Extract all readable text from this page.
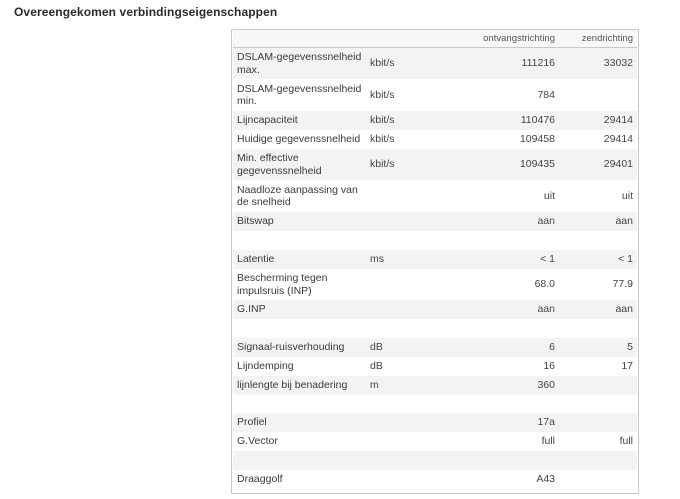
Overeengekomen verbindingseigenschappen
		ontvangstrichting	zendrichting
DSLAM-gegevenssnelheid max.	kbit/s	111216	33032
DSLAM-gegevenssnelheid min.	kbit/s	784	
Lijncapaciteit	kbit/s	110476	29414
Huidige gegevenssnelheid	kbit/s	109458	29414
Min. effective gegevenssnelheid	kbit/s	109435	29401
Naadloze aanpassing van de snelheid		uit	uit
Bitswap		aan	aan

Latentie	ms	< 1	< 1
Bescherming tegen impulsruis (INP)		68.0	77.9
G.INP		aan	aan

Signaal-ruisverhouding	dB	6	5
Lijndemping	dB	16	17
lijnlengte bij benadering	m	360	

Profiel		17a	
G.Vector		full	full

Draaggolf		A43	
